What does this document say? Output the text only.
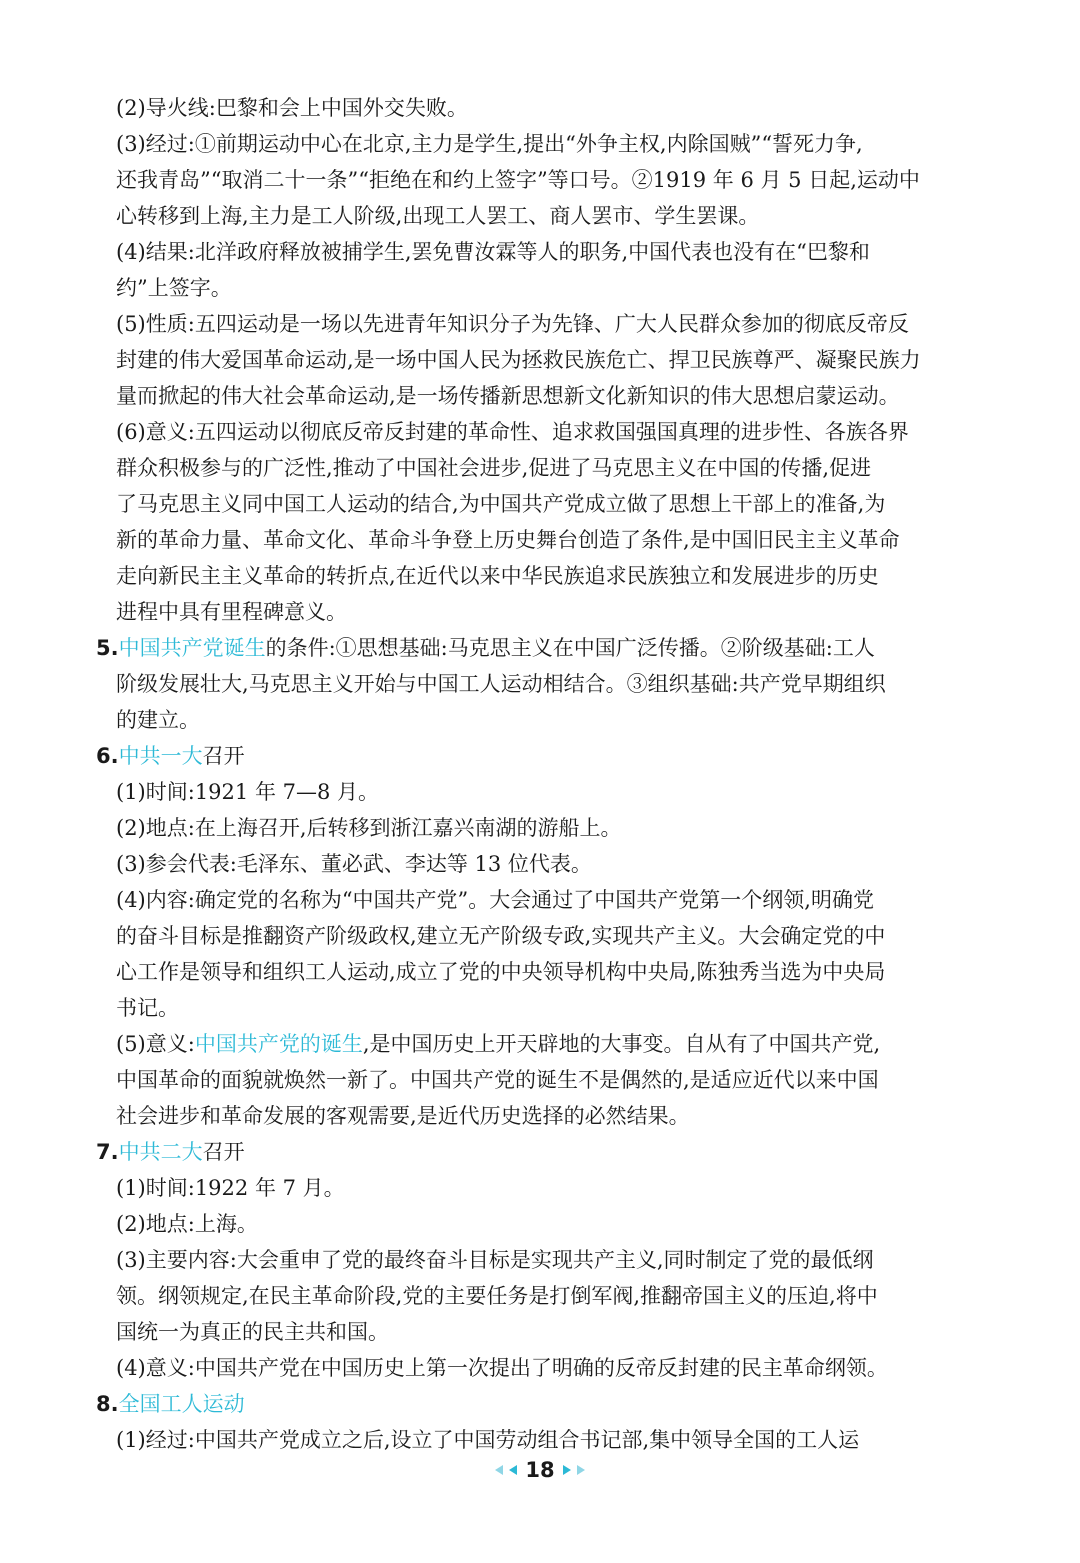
(2)导火线:巴黎和会上中国外交失败。
(3)经过:①前期运动中心在北京,主力是学生,提出“外争主权,内除国贼”“誓死力争,
还我青岛”“取消二十一条”“拒绝在和约上签字”等口号。②1919 年 6 月 5 日起,运动中
心转移到上海,主力是工人阶级,出现工人罢工、商人罢市、学生罢课。
(4)结果:北洋政府释放被捕学生,罢免曹汝霖等人的职务,中国代表也没有在“巴黎和
约”上签字。
(5)性质:五四运动是一场以先进青年知识分子为先锋、广大人民群众参加的彻底反帝反
封建的伟大爱国革命运动,是一场中国人民为拯救民族危亡、捍卫民族尊严、凝聚民族力
量而掀起的伟大社会革命运动,是一场传播新思想新文化新知识的伟大思想启蒙运动。
(6)意义:五四运动以彻底反帝反封建的革命性、追求救国强国真理的进步性、各族各界
群众积极参与的广泛性,推动了中国社会进步,促进了马克思主义在中国的传播,促进
了马克思主义同中国工人运动的结合,为中国共产党成立做了思想上干部上的准备,为
新的革命力量、革命文化、革命斗争登上历史舞台创造了条件,是中国旧民主主义革命
走向新民主主义革命的转折点,在近代以来中华民族追求民族独立和发展进步的历史
进程中具有里程碑意义。
5.中国共产党诞生的条件:①思想基础:马克思主义在中国广泛传播。②阶级基础:工人
阶级发展壮大,马克思主义开始与中国工人运动相结合。③组织基础:共产党早期组织
的建立。
6.中共一大召开
(1)时间:1921 年 7—8 月。
(2)地点:在上海召开,后转移到浙江嘉兴南湖的游船上。
(3)参会代表:毛泽东、董必武、李达等 13 位代表。
(4)内容:确定党的名称为“中国共产党”。大会通过了中国共产党第一个纲领,明确党
的奋斗目标是推翻资产阶级政权,建立无产阶级专政,实现共产主义。大会确定党的中
心工作是领导和组织工人运动,成立了党的中央领导机构中央局,陈独秀当选为中央局
书记。
(5)意义:中国共产党的诞生,是中国历史上开天辟地的大事变。自从有了中国共产党,
中国革命的面貌就焕然一新了。中国共产党的诞生不是偶然的,是适应近代以来中国
社会进步和革命发展的客观需要,是近代历史选择的必然结果。
7.中共二大召开
(1)时间:1922 年 7 月。
(2)地点:上海。
(3)主要内容:大会重申了党的最终奋斗目标是实现共产主义,同时制定了党的最低纲
领。纲领规定,在民主革命阶段,党的主要任务是打倒军阀,推翻帝国主义的压迫,将中
国统一为真正的民主共和国。
(4)意义:中国共产党在中国历史上第一次提出了明确的反帝反封建的民主革命纲领。
8.全国工人运动
(1)经过:中国共产党成立之后,设立了中国劳动组合书记部,集中领导全国的工人运
18
